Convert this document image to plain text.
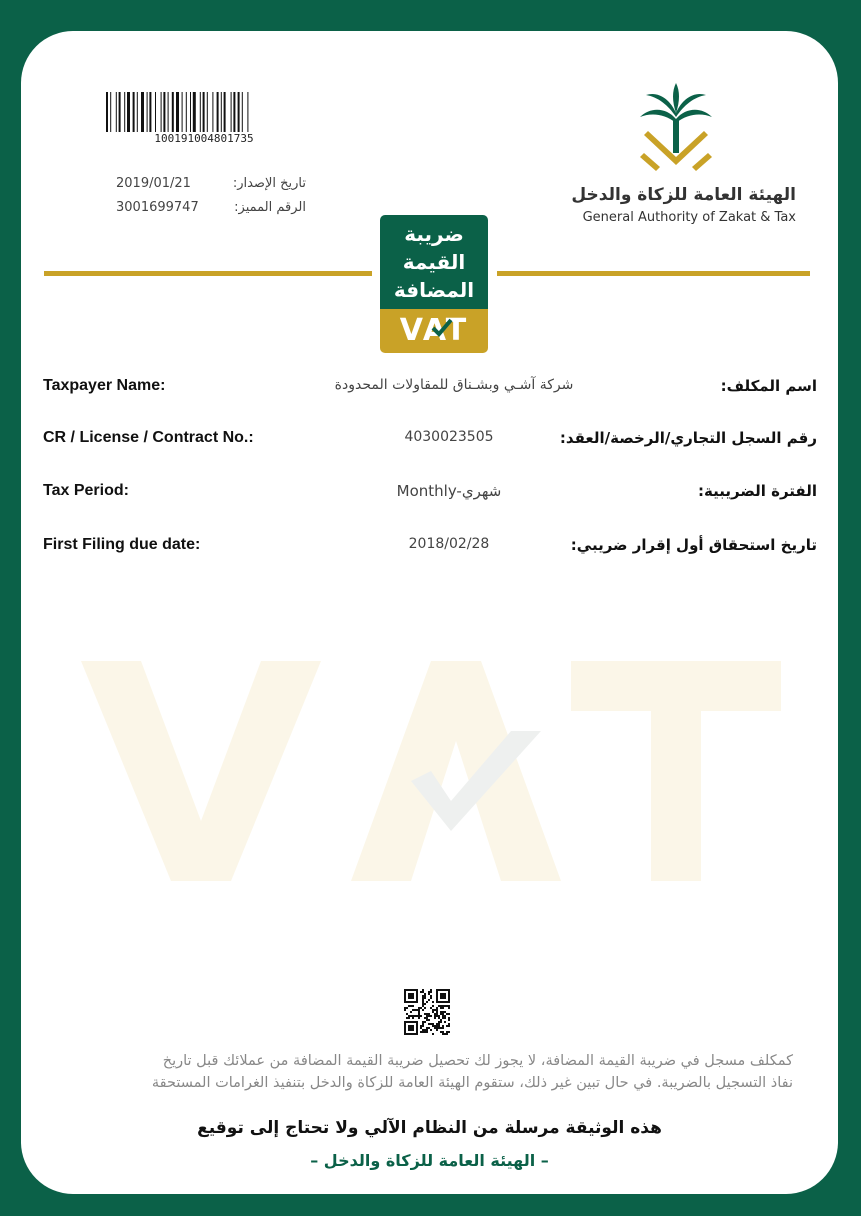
100191004801735
2019/01/21	تاريخ الإصدار:
3001699747	الرقم المميز:
الهيئة العامة للزكاة والدخل
General Authority of Zakat & Tax
ضريبة
القيمة
المضافة
VAT
Taxpayer Name:	شركة آشـي وبشـناق للمقاولات المحدودة	اسم المكلف:
CR / License / Contract No.:	4030023505	رقم السجل التجاري/الرخصة/العقد:
Tax Period:	Monthly-شهري	الفترة الضريبية:
First Filing due date:	2018/02/28	تاريخ استحقاق أول إقرار ضريبي:
كمكلف مسجل في ضريبة القيمة المضافة، لا يجوز لك تحصيل ضريبة القيمة المضافة من عملائك قبل تاريخ
نفاذ التسجيل بالضريبة. في حال تبين غير ذلك، ستقوم الهيئة العامة للزكاة والدخل بتنفيذ الغرامات المستحقة
هذه الوثيقة مرسلة من النظام الآلي ولا تحتاج إلى توقيع
– الهيئة العامة للزكاة والدخل –
